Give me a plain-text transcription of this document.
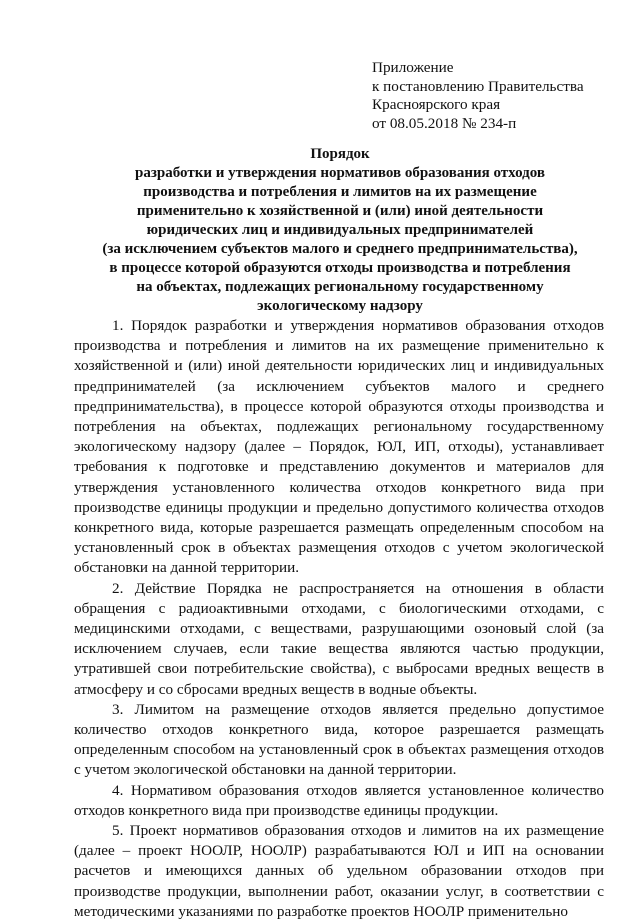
Приложение
к постановлению Правительства
Красноярского края
от 08.05.2018 № 234-п
Порядок
разработки и утверждения нормативов образования отходов
производства и потребления и лимитов на их размещение
применительно к хозяйственной и (или) иной деятельности
юридических лиц и индивидуальных предпринимателей
(за исключением субъектов малого и среднего предпринимательства),
в процессе которой образуются отходы производства и потребления
на объектах, подлежащих региональному государственному
экологическому надзору

1. Порядок разработки и утверждения нормативов образования отходов производства и потребления и лимитов на их размещение применительно к хозяйственной и (или) иной деятельности юридических лиц и индивидуальных предпринимателей (за исключением субъектов малого и среднего предпринимательства), в процессе которой образуются отходы производства и потребления на объектах, подлежащих региональному государственному экологическому надзору (далее – Порядок, ЮЛ, ИП, отходы), устанавливает требования к подготовке и представлению документов и материалов для утверждения установленного количества отходов конкретного вида при производстве единицы продукции и предельно допустимого количества отходов конкретного вида, которые разрешается размещать определенным способом на установленный срок в объектах размещения отходов с учетом экологической обстановки на данной территории.

2. Действие Порядка не распространяется на отношения в области обращения с радиоактивными отходами, с биологическими отходами, с медицинскими отходами, с веществами, разрушающими озоновый слой (за исключением случаев, если такие вещества являются частью продукции, утратившей свои потребительские свойства), с выбросами вредных веществ в атмосферу и со сбросами вредных веществ в водные объекты.

3. Лимитом на размещение отходов является предельно допустимое количество отходов конкретного вида, которое разрешается размещать определенным способом на установленный срок в объектах размещения отходов с учетом экологической обстановки на данной территории.

4. Нормативом образования отходов является установленное количество отходов конкретного вида при производстве единицы продукции.

5. Проект нормативов образования отходов и лимитов на их размещение (далее – проект НООЛР, НООЛР) разрабатываются ЮЛ и ИП на основании расчетов и имеющихся данных об удельном образовании отходов при производстве продукции, выполнении работ, оказании услуг, в соответствии с методическими указаниями по разработке проектов НООЛР применительно
